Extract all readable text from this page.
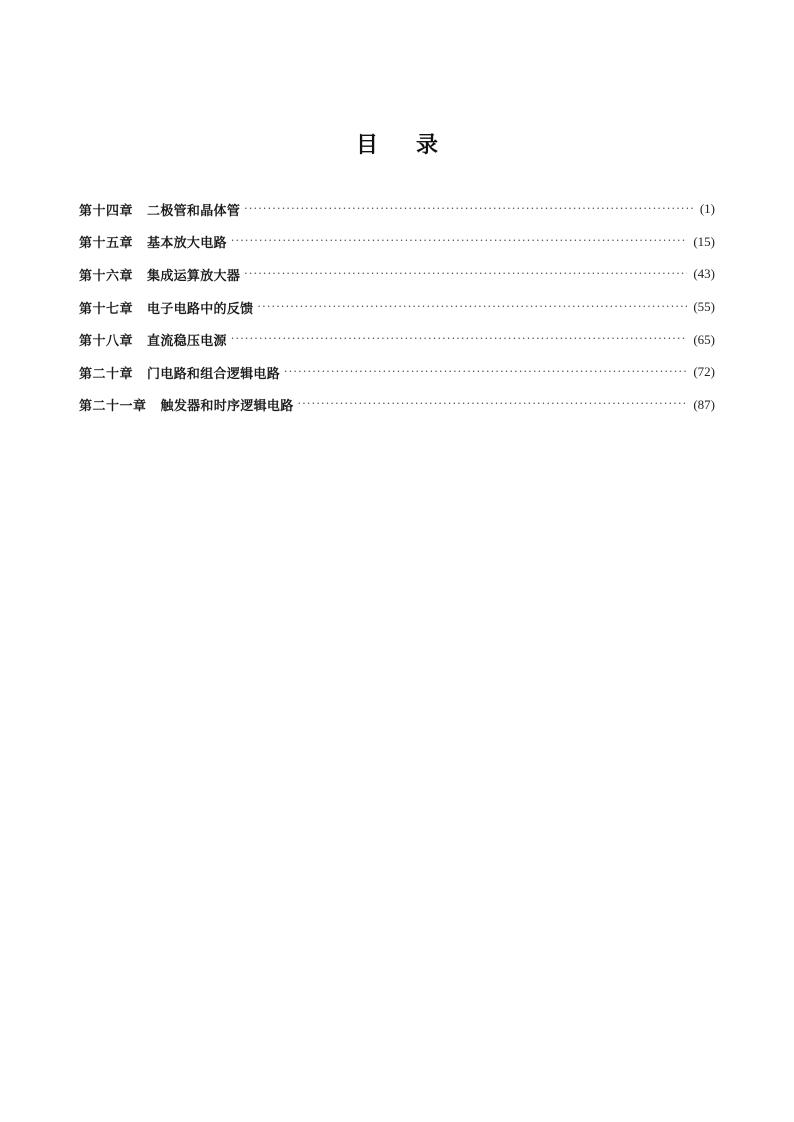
目录
第十四章 二极管和晶体管 ·····	(1)
第十五章 基本放大电路 ·····	(15)
第十六章 集成运算放大器 ·····	(43)
第十七章 电子电路中的反馈 ·····	(55)
第十八章 直流稳压电源 ·····	(65)
第二十章 门电路和组合逻辑电路 ·····	(72)
第二十一章 触发器和时序逻辑电路 ·····	(87)
